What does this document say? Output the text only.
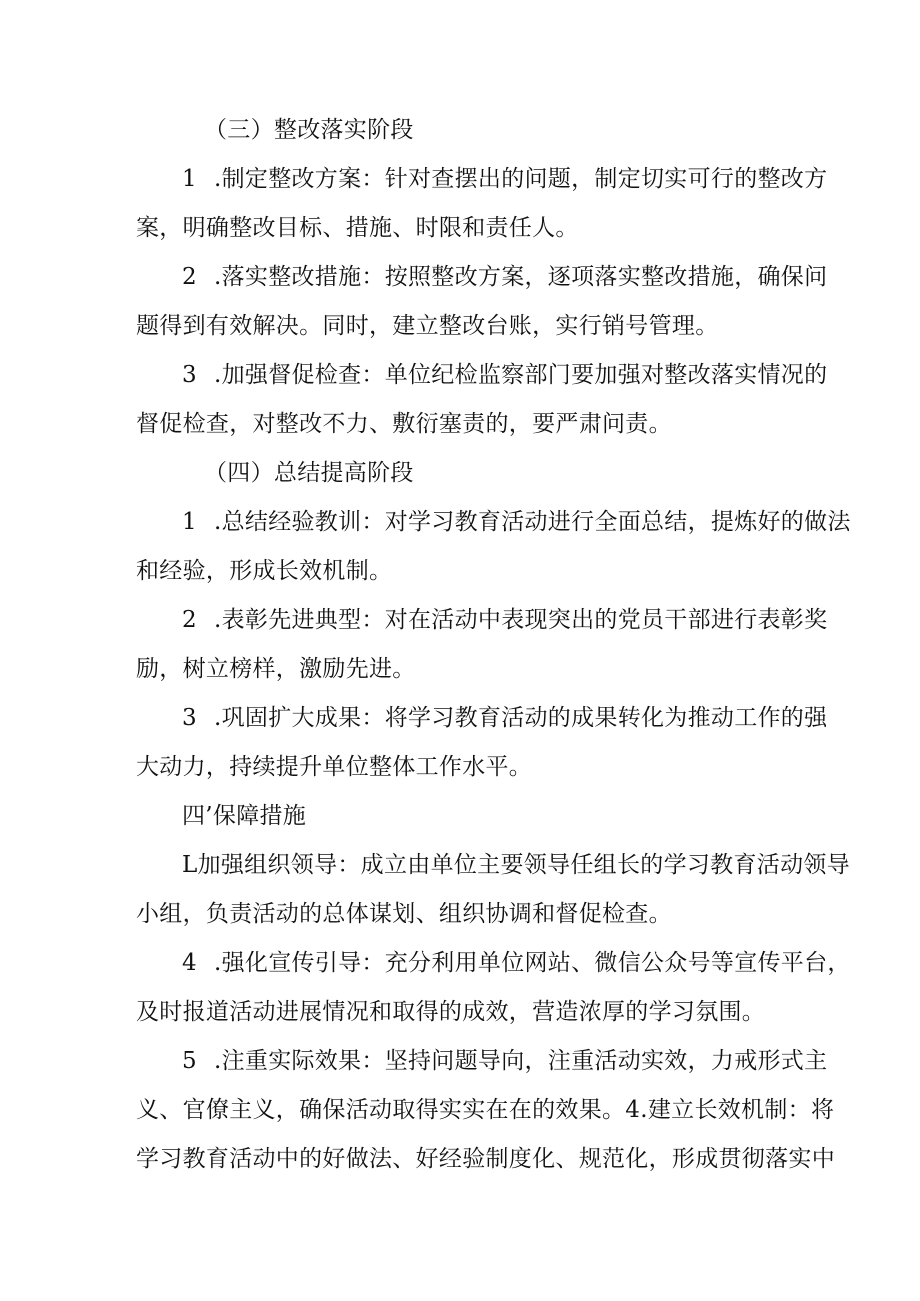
（三）整改落实阶段
1 .制定整改方案：针对查摆出的问题，制定切实可行的整改方
案，明确整改目标、措施、时限和责任人。
2 .落实整改措施：按照整改方案，逐项落实整改措施，确保问
题得到有效解决。同时，建立整改台账，实行销号管理。
3 .加强督促检查：单位纪检监察部门要加强对整改落实情况的
督促检查，对整改不力、敷衍塞责的，要严肃问责。
（四）总结提高阶段
1 .总结经验教训：对学习教育活动进行全面总结，提炼好的做法
和经验，形成长效机制。
2 .表彰先进典型：对在活动中表现突出的党员干部进行表彰奖
励，树立榜样，激励先进。
3 .巩固扩大成果：将学习教育活动的成果转化为推动工作的强
大动力，持续提升单位整体工作水平。
四’保障措施
L加强组织领导：成立由单位主要领导任组长的学习教育活动领导
小组，负责活动的总体谋划、组织协调和督促检查。
4 .强化宣传引导：充分利用单位网站、微信公众号等宣传平台，
及时报道活动进展情况和取得的成效，营造浓厚的学习氛围。
5 .注重实际效果：坚持问题导向，注重活动实效，力戒形式主
义、官僚主义，确保活动取得实实在在的效果。4.建立长效机制：将
学习教育活动中的好做法、好经验制度化、规范化，形成贯彻落实中
